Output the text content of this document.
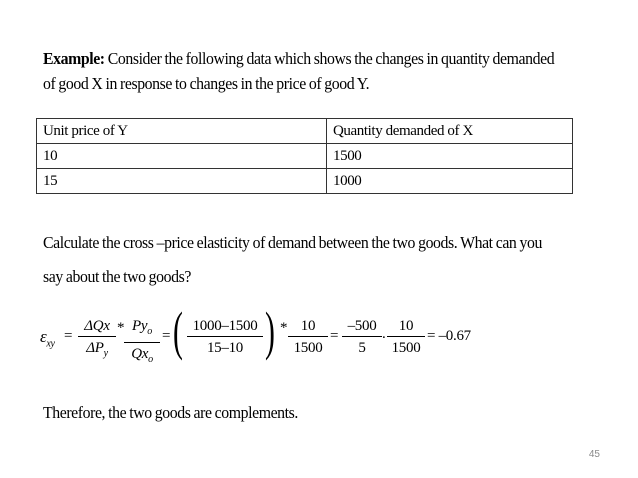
Example: Consider the following data which shows the changes in quantity demanded of good X in response to changes in the price of good Y.

Unit price of Y	Quantity demanded of X
10	1500
15	1000

Calculate the cross –price elasticity of demand between the two goods. What can you say about the two goods?

$\varepsilon_{xy}$ =
ΔQx
$\Delta P_y$
* $Py_o$
$Qx_o$
= ( $\frac{1000-1500}{15-10}$ ) * $\frac{10}{1500} = \frac{-500}{5}$ . $\frac{10}{1500} = -0.67$

Therefore, the two goods are complements.

45
